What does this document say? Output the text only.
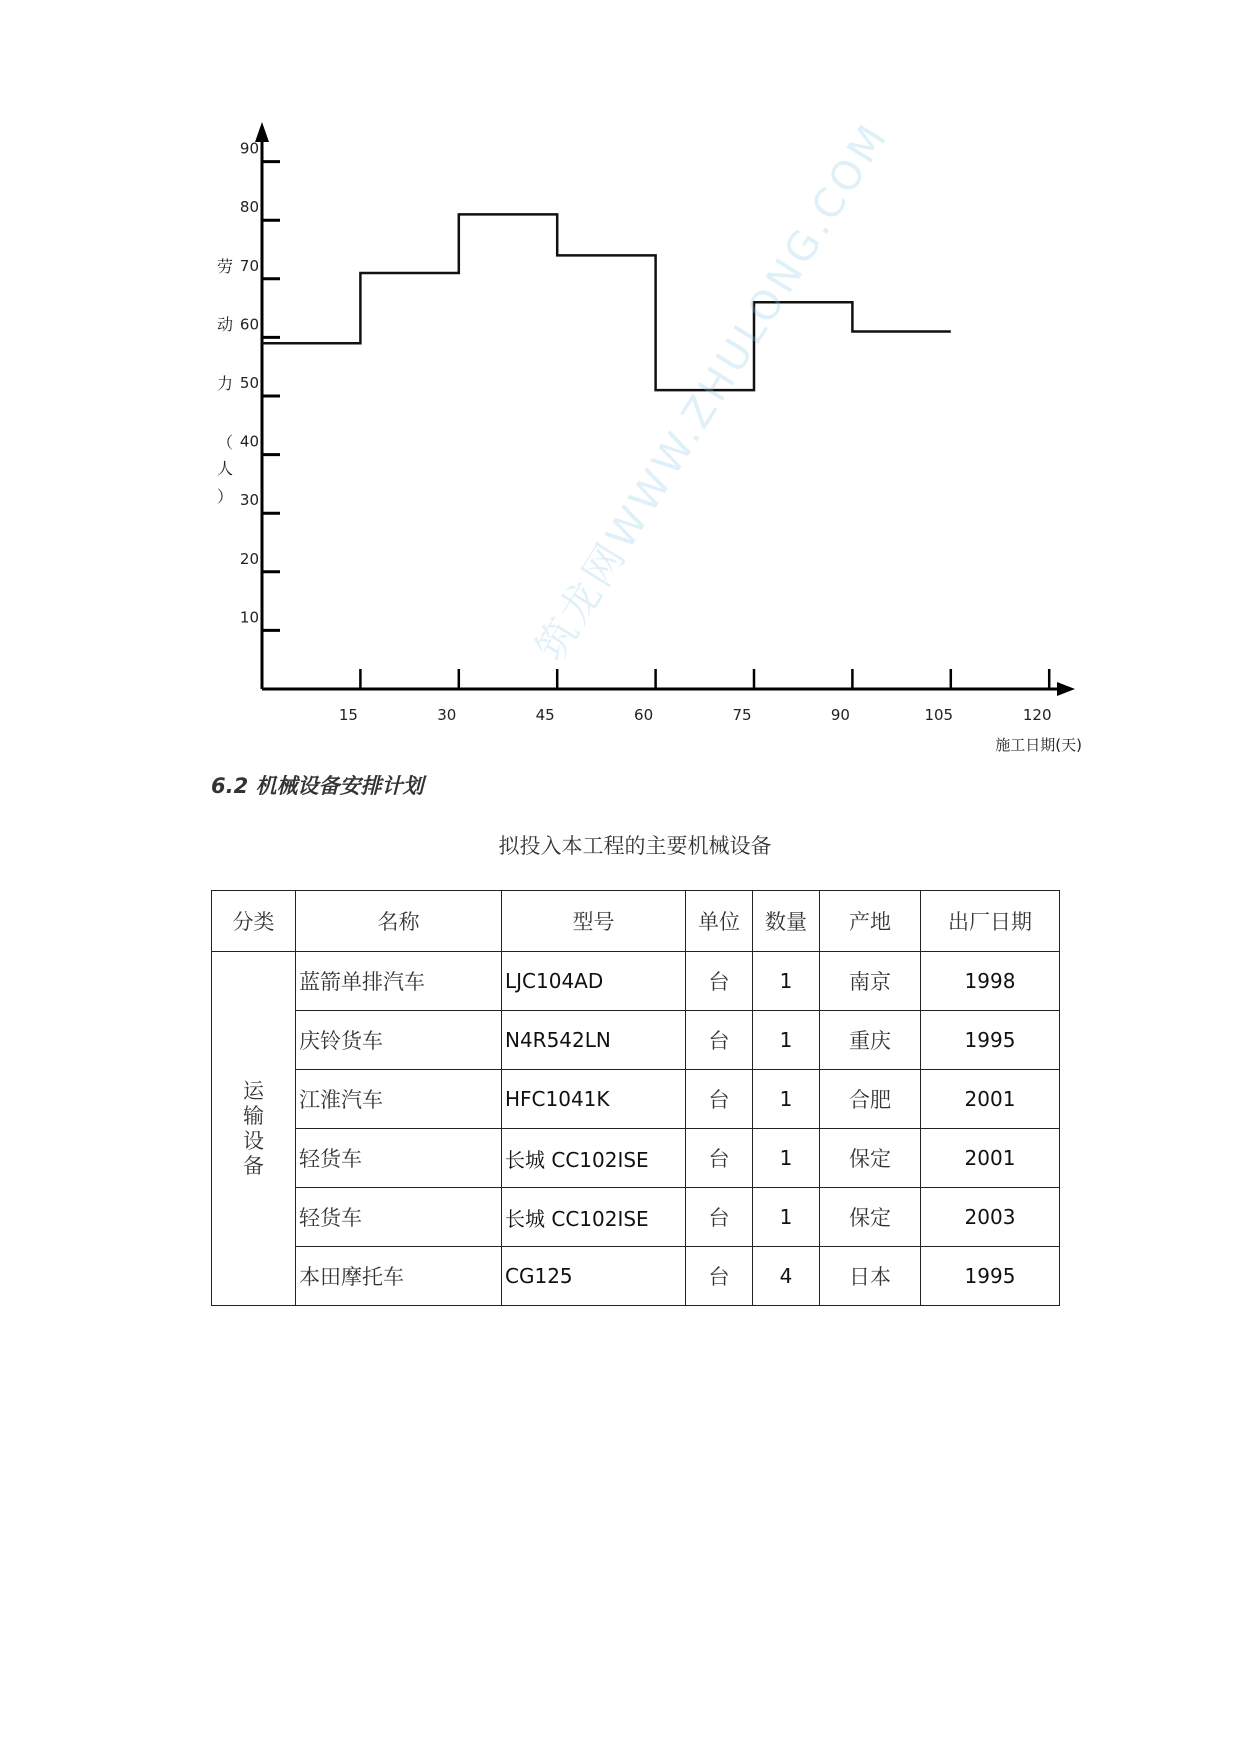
10
20
30
40
50
60
70
80
90
15	30	45	60	75	90	105	120
劳
动
力
（
人
）
施工日期(天)
筑龙网WWW.ZHULONG.COM
6.2 机械设备安排计划
拟投入本工程的主要机械设备
分类	名称	型号	单位	数量	产地	出厂日期
运输设备	蓝箭单排汽车	LJC104AD	台	1	南京	1998
	庆铃货车	N4R542LN	台	1	重庆	1995
	江淮汽车	HFC1041K	台	1	合肥	2001
	轻货车	长城 CC102ISE	台	1	保定	2001
	轻货车	长城 CC102ISE	台	1	保定	2003
	本田摩托车	CG125	台	4	日本	1995
